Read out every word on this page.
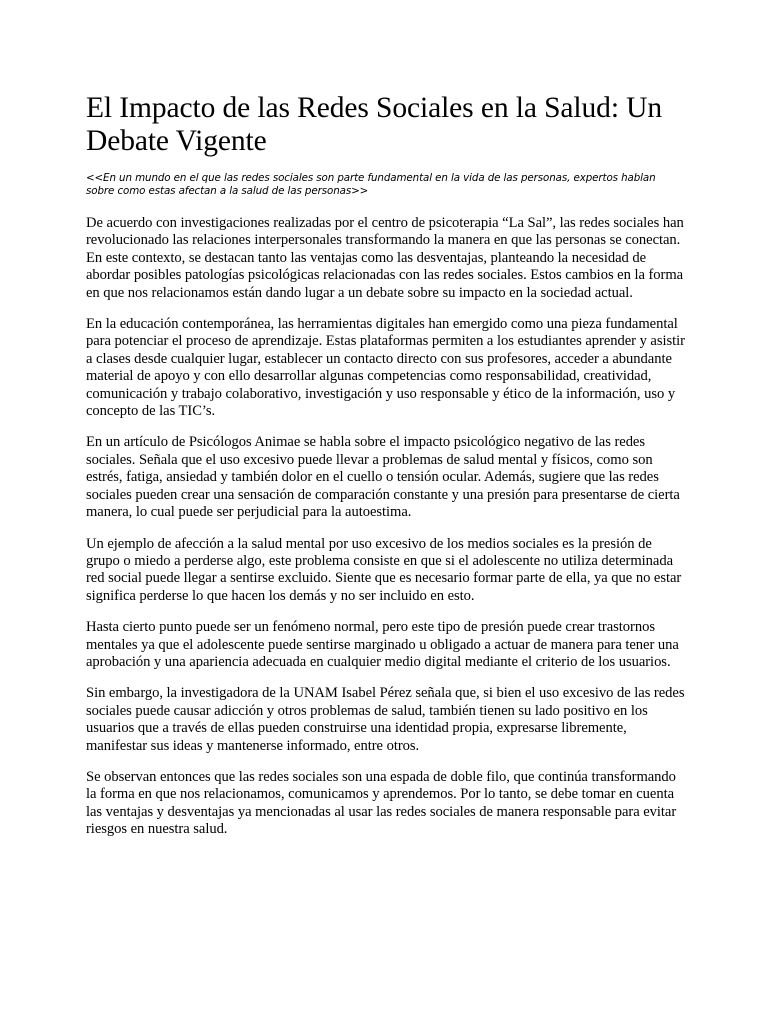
El Impacto de las Redes Sociales en la Salud: Un Debate Vigente

<<En un mundo en el que las redes sociales son parte fundamental en la vida de las personas, expertos hablan sobre como estas afectan a la salud de las personas>>

De acuerdo con investigaciones realizadas por el centro de psicoterapia “La Sal”, las redes sociales han revolucionado las relaciones interpersonales transformando la manera en que las personas se conectan. En este contexto, se destacan tanto las ventajas como las desventajas, planteando la necesidad de abordar posibles patologías psicológicas relacionadas con las redes sociales. Estos cambios en la forma en que nos relacionamos están dando lugar a un debate sobre su impacto en la sociedad actual.

En la educación contemporánea, las herramientas digitales han emergido como una pieza fundamental para potenciar el proceso de aprendizaje. Estas plataformas permiten a los estudiantes aprender y asistir a clases desde cualquier lugar, establecer un contacto directo con sus profesores, acceder a abundante material de apoyo y con ello desarrollar algunas competencias como responsabilidad, creatividad, comunicación y trabajo colaborativo, investigación y uso responsable y ético de la información, uso y concepto de las TIC’s.

En un artículo de Psicólogos Animae se habla sobre el impacto psicológico negativo de las redes sociales. Señala que el uso excesivo puede llevar a problemas de salud mental y físicos, como son estrés, fatiga, ansiedad y también dolor en el cuello o tensión ocular. Además, sugiere que las redes sociales pueden crear una sensación de comparación constante y una presión para presentarse de cierta manera, lo cual puede ser perjudicial para la autoestima.

Un ejemplo de afección a la salud mental por uso excesivo de los medios sociales es la presión de grupo o miedo a perderse algo, este problema consiste en que si el adolescente no utiliza determinada red social puede llegar a sentirse excluido. Siente que es necesario formar parte de ella, ya que no estar significa perderse lo que hacen los demás y no ser incluido en esto.

Hasta cierto punto puede ser un fenómeno normal, pero este tipo de presión puede crear trastornos mentales ya que el adolescente puede sentirse marginado u obligado a actuar de manera para tener una aprobación y una apariencia adecuada en cualquier medio digital mediante el criterio de los usuarios.

Sin embargo, la investigadora de la UNAM Isabel Pérez señala que, si bien el uso excesivo de las redes sociales puede causar adicción y otros problemas de salud, también tienen su lado positivo en los usuarios que a través de ellas pueden construirse una identidad propia, expresarse libremente, manifestar sus ideas y mantenerse informado, entre otros.

Se observan entonces que las redes sociales son una espada de doble filo, que continúa transformando la forma en que nos relacionamos, comunicamos y aprendemos. Por lo tanto, se debe tomar en cuenta las ventajas y desventajas ya mencionadas al usar las redes sociales de manera responsable para evitar riesgos en nuestra salud.
